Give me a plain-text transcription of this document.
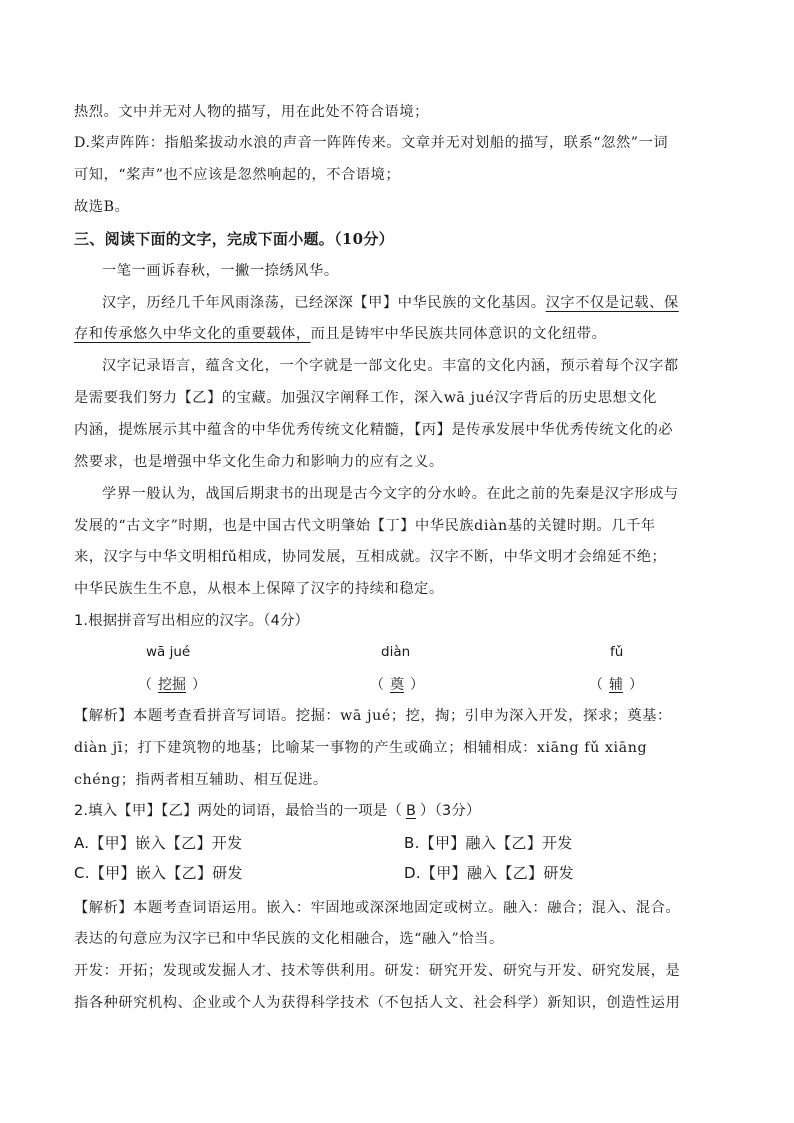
热烈。文中并无对人物的描写，用在此处不符合语境；
D.桨声阵阵：指船桨拔动水浪的声音一阵阵传来。文章并无对划船的描写，联系“忽然”一词
可知，“桨声”也不应该是忽然响起的，不合语境；
故选B。
三、阅读下面的文字，完成下面小题。（10分）
一笔一画诉春秋，一撇一捺绣风华。
汉字，历经几千年风雨涤荡，已经深深【甲】中华民族的文化基因。汉字不仅是记载、保
存和传承悠久中华文化的重要载体，而且是铸牢中华民族共同体意识的文化纽带。
汉字记录语言，蕴含文化，一个字就是一部文化史。丰富的文化内涵，预示着每个汉字都
是需要我们努力【乙】的宝藏。加强汉字阐释工作，深入wā jué汉字背后的历史思想文化
内涵，提炼展示其中蕴含的中华优秀传统文化精髓，【丙】是传承发展中华优秀传统文化的必
然要求，也是增强中华文化生命力和影响力的应有之义。
学界一般认为，战国后期隶书的出现是古今文字的分水岭。在此之前的先秦是汉字形成与
发展的“古文字”时期，也是中国古代文明肇始【丁】中华民族diàn基的关键时期。几千年
来，汉字与中华文明相fǔ相成，协同发展，互相成就。汉字不断，中华文明才会绵延不绝；
中华民族生生不息，从根本上保障了汉字的持续和稳定。
1.根据拼音写出相应的汉字。（4分）
wā jué	diàn	fǔ
（ 挖掘 ）	（ 奠 ）	（ 辅 ）
【解析】本题考查看拼音写词语。挖掘：wā jué；挖，掏；引申为深入开发，探求；奠基：
diàn jī；打下建筑物的地基；比喻某一事物的产生或确立；相辅相成：xiāng fǔ xiāng
chéng；指两者相互辅助、相互促进。
2.填入【甲】【乙】两处的词语，最恰当的一项是（ B ）（3分）
A.【甲】嵌入【乙】开发	B.【甲】融入【乙】开发
C.【甲】嵌入【乙】研发	D.【甲】融入【乙】研发
【解析】本题考查词语运用。嵌入：牢固地或深深地固定或树立。融入：融合；混入、混合。
表达的句意应为汉字已和中华民族的文化相融合，选“融入”恰当。
开发：开拓；发现或发掘人才、技术等供利用。研发：研究开发、研究与开发、研究发展，是
指各种研究机构、企业或个人为获得科学技术（不包括人文、社会科学）新知识，创造性运用
